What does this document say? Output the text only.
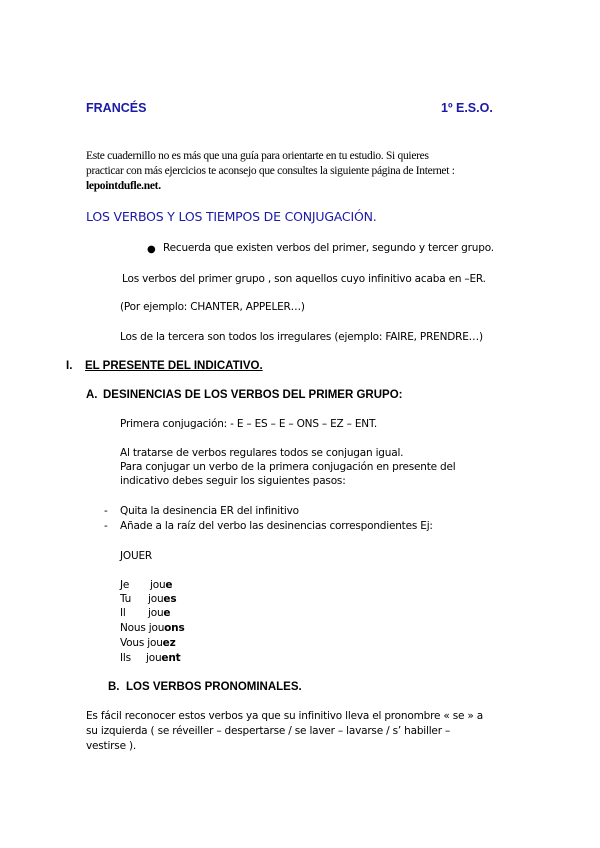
FRANCÉS	1º E.S.O.
Este cuadernillo no es más que una guía para orientarte en tu estudio. Si quieres
practicar con más ejercicios te aconsejo que consultes la siguiente página de Internet :
lepointdufle.net.
LOS VERBOS Y LOS TIEMPOS DE CONJUGACIÓN.
● Recuerda que existen verbos del primer, segundo y tercer grupo.
Los verbos del primer grupo , son aquellos cuyo infinitivo acaba en –ER.
(Por ejemplo: CHANTER, APPELER…)
Los de la tercera son todos los irregulares (ejemplo: FAIRE, PRENDRE…)
I. EL PRESENTE DEL INDICATIVO.
A. DESINENCIAS DE LOS VERBOS DEL PRIMER GRUPO:
Primera conjugación: - E – ES – E – ONS – EZ – ENT.
Al tratarse de verbos regulares todos se conjugan igual.
Para conjugar un verbo de la primera conjugación en presente del
indicativo debes seguir los siguientes pasos:
- Quita la desinencia ER del infinitivo
- Añade a la raíz del verbo las desinencias correspondientes Ej:
JOUER
Je joue
Tu joues
Il joue
Nous jouons
Vous jouez
Ils jouent
B. LOS VERBOS PRONOMINALES.
Es fácil reconocer estos verbos ya que su infinitivo lleva el pronombre « se » a
su izquierda ( se réveiller – despertarse / se laver – lavarse / s’ habiller –
vestirse ).
